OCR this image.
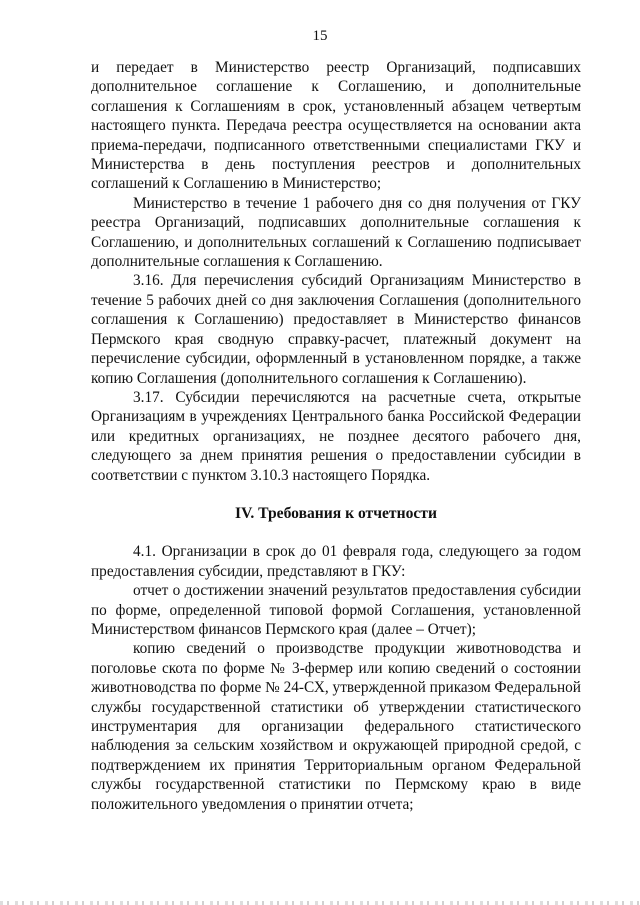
15

и передает в Министерство реестр Организаций, подписавших дополнительное соглашение к Соглашению, и дополнительные соглашения к Соглашениям в срок, установленный абзацем четвертым настоящего пункта. Передача реестра осуществляется на основании акта приема-передачи, подписанного ответственными специалистами ГКУ и Министерства в день поступления реестров и дополнительных соглашений к Соглашению в Министерство;

Министерство в течение 1 рабочего дня со дня получения от ГКУ реестра Организаций, подписавших дополнительные соглашения к Соглашению, и дополнительных соглашений к Соглашению подписывает дополнительные соглашения к Соглашению.

3.16. Для перечисления субсидий Организациям Министерство в течение 5 рабочих дней со дня заключения Соглашения (дополнительного соглашения к Соглашению) предоставляет в Министерство финансов Пермского края сводную справку-расчет, платежный документ на перечисление субсидии, оформленный в установленном порядке, а также копию Соглашения (дополнительного соглашения к Соглашению).

3.17. Субсидии перечисляются на расчетные счета, открытые Организациям в учреждениях Центрального банка Российской Федерации или кредитных организациях, не позднее десятого рабочего дня, следующего за днем принятия решения о предоставлении субсидии в соответствии с пунктом 3.10.3 настоящего Порядка.

IV. Требования к отчетности

4.1. Организации в срок до 01 февраля года, следующего за годом предоставления субсидии, представляют в ГКУ:

отчет о достижении значений результатов предоставления субсидии по форме, определенной типовой формой Соглашения, установленной Министерством финансов Пермского края (далее – Отчет);

копию сведений о производстве продукции животноводства и поголовье скота по форме № 3-фермер или копию сведений о состоянии животноводства по форме № 24-СХ, утвержденной приказом Федеральной службы государственной статистики об утверждении статистического инструментария для организации федерального статистического наблюдения за сельским хозяйством и окружающей природной средой, с подтверждением их принятия Территориальным органом Федеральной службы государственной статистики по Пермскому краю в виде положительного уведомления о принятии отчета;
